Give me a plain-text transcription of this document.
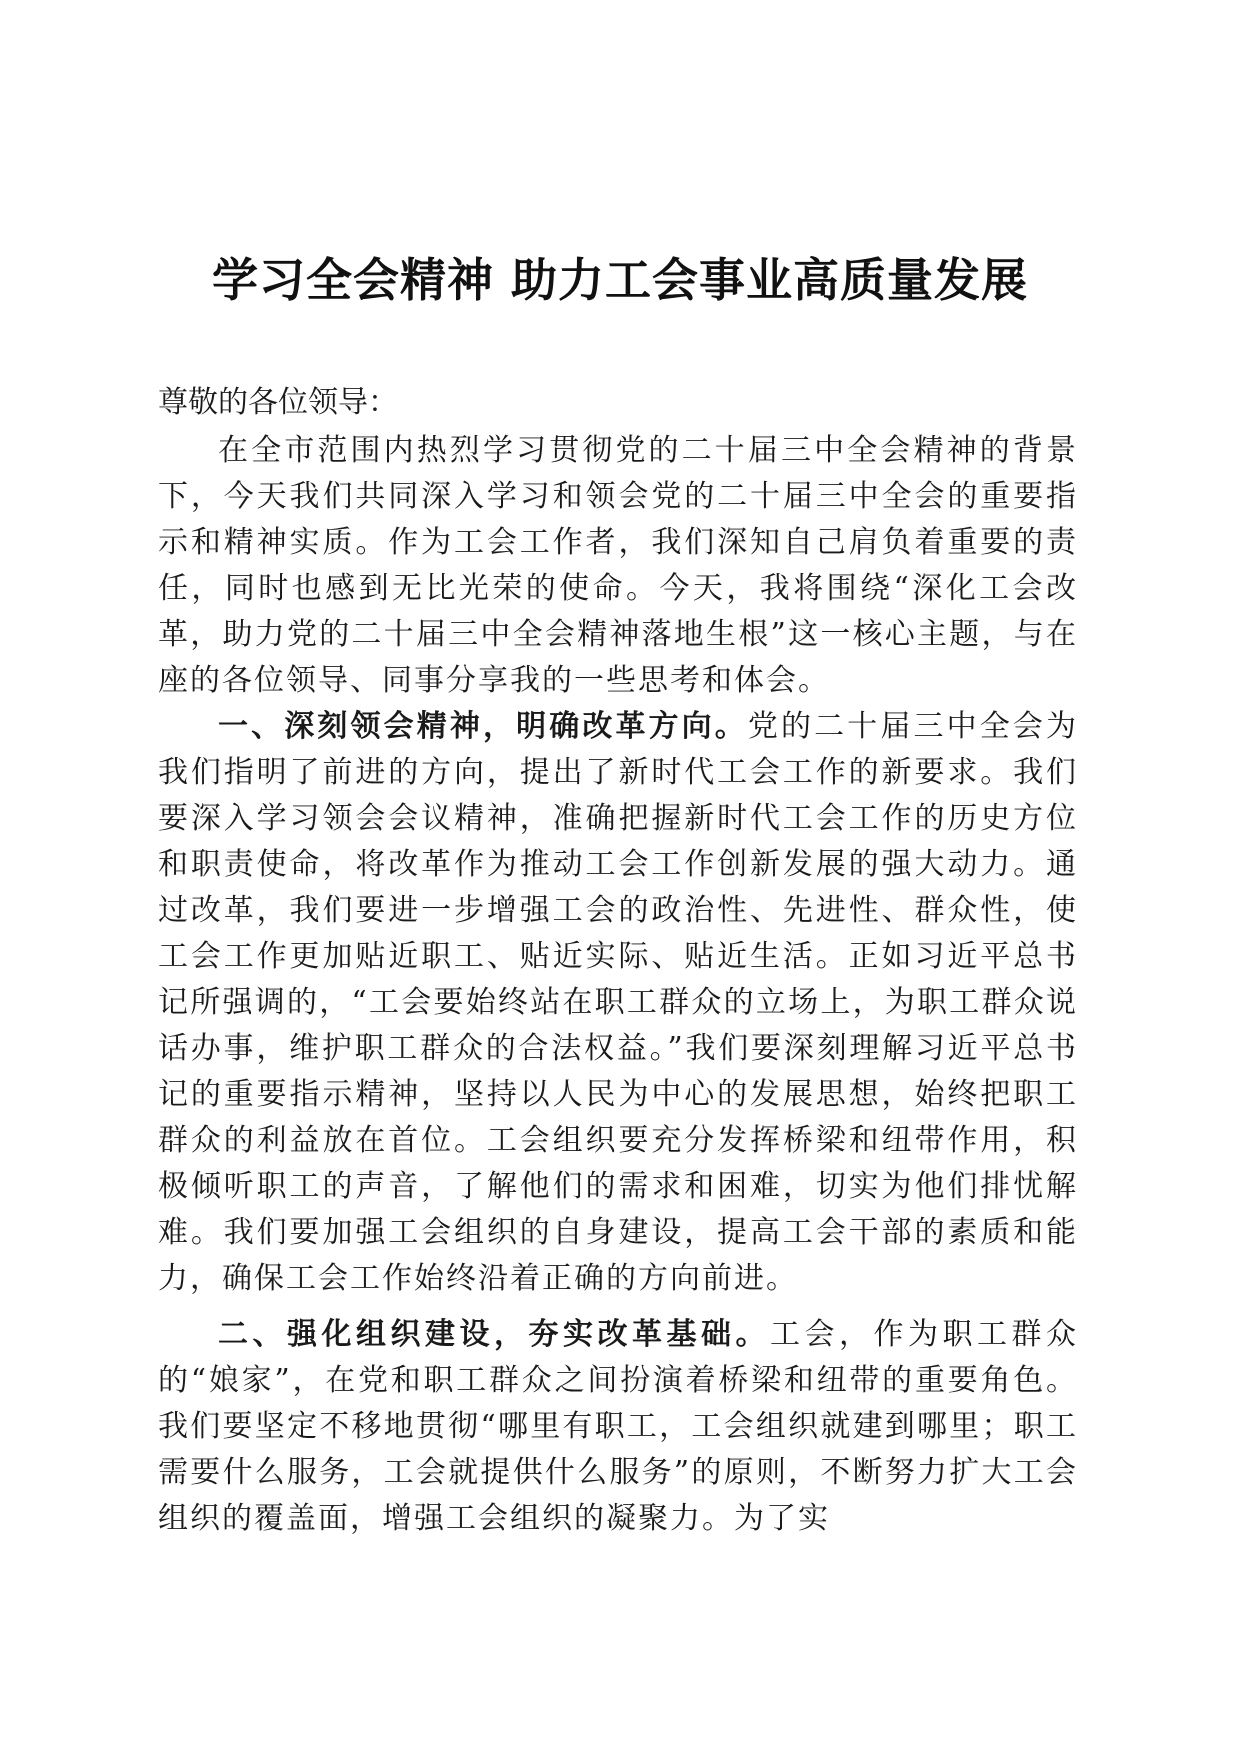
学习全会精神 助力工会事业高质量发展

尊敬的各位领导：

在全市范围内热烈学习贯彻党的二十届三中全会精神的背景下，今天我们共同深入学习和领会党的二十届三中全会的重要指示和精神实质。作为工会工作者，我们深知自己肩负着重要的责任，同时也感到无比光荣的使命。今天，我将围绕“深化工会改革，助力党的二十届三中全会精神落地生根”这一核心主题，与在座的各位领导、同事分享我的一些思考和体会。

一、深刻领会精神，明确改革方向。党的二十届三中全会为我们指明了前进的方向，提出了新时代工会工作的新要求。我们要深入学习领会会议精神，准确把握新时代工会工作的历史方位和职责使命，将改革作为推动工会工作创新发展的强大动力。通过改革，我们要进一步增强工会的政治性、先进性、群众性，使工会工作更加贴近职工、贴近实际、贴近生活。正如习近平总书记所强调的，“工会要始终站在职工群众的立场上，为职工群众说话办事，维护职工群众的合法权益。”我们要深刻理解习近平总书记的重要指示精神，坚持以人民为中心的发展思想，始终把职工群众的利益放在首位。工会组织要充分发挥桥梁和纽带作用，积极倾听职工的声音，了解他们的需求和困难，切实为他们排忧解难。我们要加强工会组织的自身建设，提高工会干部的素质和能力，确保工会工作始终沿着正确的方向前进。

二、强化组织建设，夯实改革基础。工会，作为职工群众的“娘家”，在党和职工群众之间扮演着桥梁和纽带的重要角色。我们要坚定不移地贯彻“哪里有职工，工会组织就建到哪里；职工需要什么服务，工会就提供什么服务”的原则，不断努力扩大工会组织的覆盖面，增强工会组织的凝聚力。为了实
